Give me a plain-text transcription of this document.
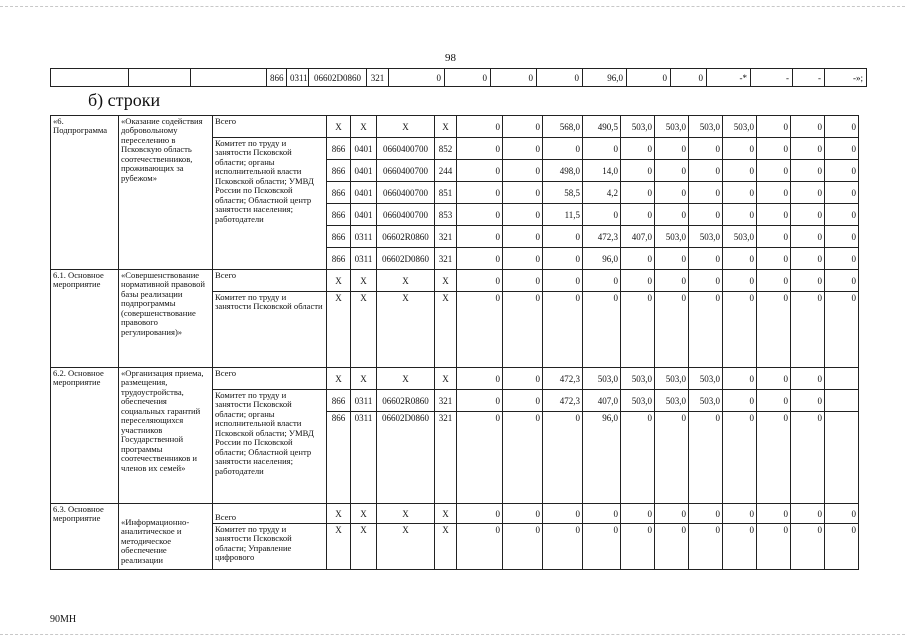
98
			866	0311	06602D0860	321	0	0	0	0	96,0	0	0	-*	-	-	-»;
б) строки
«6. Подпрограмма	«Оказание содействия добровольному переселению в Псковскую область соотечественников, проживающих за рубежом»	Всего	X	X	X	X	0	0	568,0	490,5	503,0	503,0	503,0	503,0	0	0	0
		Комитет по труду и занятости Псковской области; органы исполнительной власти Псковской области; УМВД России по Псковской области; Областной центр занятости населения; работодатели	866	0401	0660400700	852	0	0	0	0	0	0	0	0	0	0	0
			866	0401	0660400700	244	0	0	498,0	14,0	0	0	0	0	0	0	0
			866	0401	0660400700	851	0	0	58,5	4,2	0	0	0	0	0	0	0
			866	0401	0660400700	853	0	0	11,5	0	0	0	0	0	0	0	0
			866	0311	06602R0860	321	0	0	0	472,3	407,0	503,0	503,0	503,0	0	0	0
			866	0311	06602D0860	321	0	0	0	96,0	0	0	0	0	0	0	0
6.1. Основное мероприятие	«Совершенствование нормативной правовой базы реализации подпрограммы (совершенствование правового регулирования)»	Всего	X	X	X	X	0	0	0	0	0	0	0	0	0	0	0
		Комитет по труду и занятости Псковской области	X	X	X	X	0	0	0	0	0	0	0	0	0	0	0
6.2. Основное мероприятие	«Организация приема, размещения, трудоустройства, обеспечения социальных гарантий переселяющихся участников Государственной программы соотечественников и членов их семей»	Всего	X	X	X	X	0	0	472,3	503,0	503,0	503,0	503,0	0	0	0	
		Комитет по труду и занятости Псковской области; органы исполнительной власти Псковской области; УМВД России по Псковской области; Областной центр занятости населения; работодатели	866	0311	06602R0860	321	0	0	472,3	407,0	503,0	503,0	503,0	0	0	0	
			866	0311	06602D0860	321	0	0	0	96,0	0	0	0	0	0	0	
6.3. Основное мероприятие	«Информационно-аналитическое и методическое обеспечение реализации	Всего	X	X	X	X	0	0	0	0	0	0	0	0	0	0	0
		Комитет по труду и занятости Псковской области; Управление цифрового	X	X	X	X	0	0	0	0	0	0	0	0	0	0	0
90МН
